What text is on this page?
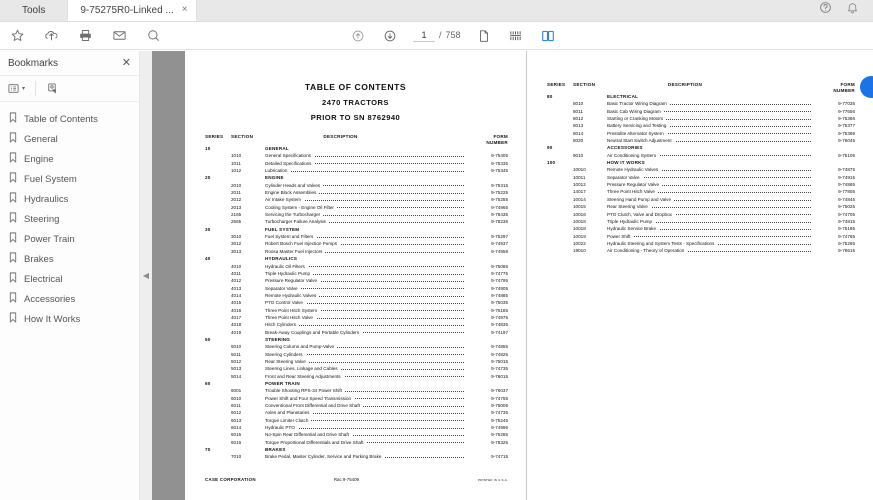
Tools	9-75275R0-Linked ... ×
1
/ 758
Bookmarks	✕
▾
Table of Contents
General
Engine
Fuel System
Hydraulics
Steering
Power Train
Brakes
Electrical
Accessories
How It Works
◀
TABLE OF CONTENTS
2470 TRACTORS
PRIOR TO SN 8762940
SERIES	SECTION	DESCRIPTION	FORM
NUMBER
10	GENERAL
1010	General Specifications	9-75405
1011	Detailed Specifications	9-75335
1012	Lubrication	9-75345
20	ENGINE
2010	Cylinder Heads and Valves	9-75315
2011	Engine Block Assemblies	9-75225
2012	Air Intake System	9-75255
2013	Cooling System - Engine Oil Filter	9-74965
2165	Servicing the Turbocharger	9-78435
2565	Turbocharger Failure Analysis	9-78235
30	FUEL SYSTEM
3010	Fuel System and Filters	9-75297
3012	Robert Bosch Fuel Injection Pumps	9-74937
3013	Roosa Master Fuel Injectors	9-74959
40	HYDRAULICS
4010	Hydraulic Oil Filters	9-75065
4011	Triple Hydraulic Pump	9-74775
4012	Pressure Regulator Valve	9-74795
4013	Separator Valve	9-74905
4014	Remote Hydraulic Valves	9-74885
4015	PTO Control Valve	9-75035
4016	Three Point Hitch System	9-75185
4017	Three Point Hitch Valve	9-74975
4018	Hitch Cylinders	9-74835
4019	Break-Away Couplings and Portable Cylinders	9-74197
50	STEERING
5010	Steering Column and Pump-Valve	9-74855
5011	Steering Cylinders	9-74825
5012	Rear Steering Valve	9-75015
5013	Steering Lines, Linkage and Cables	9-74735
5014	Front and Rear Steering Adjustments	9-76015
60	POWER TRAIN
6001	Trouble Shooting RPS-34 Power Shift	9-76037
6010	Power Shift and Four Speed Transmission	9-74755
6011	Conventional Front Differential and Drive Shaft	9-75005
6012	Axles and Planetaries	9-74735
6013	Torque Limiter Clutch	9-75245
6014	Hydraulic PTO	9-74996
6015	No-Spin Rear Differential and Drive Shaft	9-75285
6016	Torque Proportional Differentials and Drive Shaft	9-78325
70	BRAKES
7010	Brake Pedal, Master Cylinder, Service and Parking Brake	9-74715
CASE CORPORATION	Rac 9-75409	PRINTED IN U.S.A.
SERIES	SECTION	DESCRIPTION	FORM
NUMBER
80	ELECTRICAL
8010	Basic Tractor Wiring Diagram	9-77035
8011	Basic Cab Wiring Diagram	9-77656
8012	Starting or Cranking Motors	9-75366
8013	Battery Servicing and Testing	9-75377
8014	Prestolite Alternator System	9-75399
8020	Neutral Start Switch Adjustment	9-76045
90	ACCESSORIES
9010	Air Conditioning System	9-75105
100	HOW IT WORKS
10010	Remote Hydraulic Valves	9-74875
10011	Separator Valve	9-74915
10012	Pressure Regulator Valve	9-74865
14017	Three Point Hitch Valve	9-77805
10014	Steering Hand Pump and Valve	9-74845
10015	Rear Steering Valve	9-75025
10016	PTO Clutch, Valve and Dropbox	9-74705
10018	Triple Hydraulic Pump	9-74815
10018	Hydraulic Service Brake	9-75195
10019	Power Shift	9-74765
10022	Hydraulic Steering and System Tests - Specifications	9-75265
19010	Air Conditioning - Theory of Operation	9-78615
